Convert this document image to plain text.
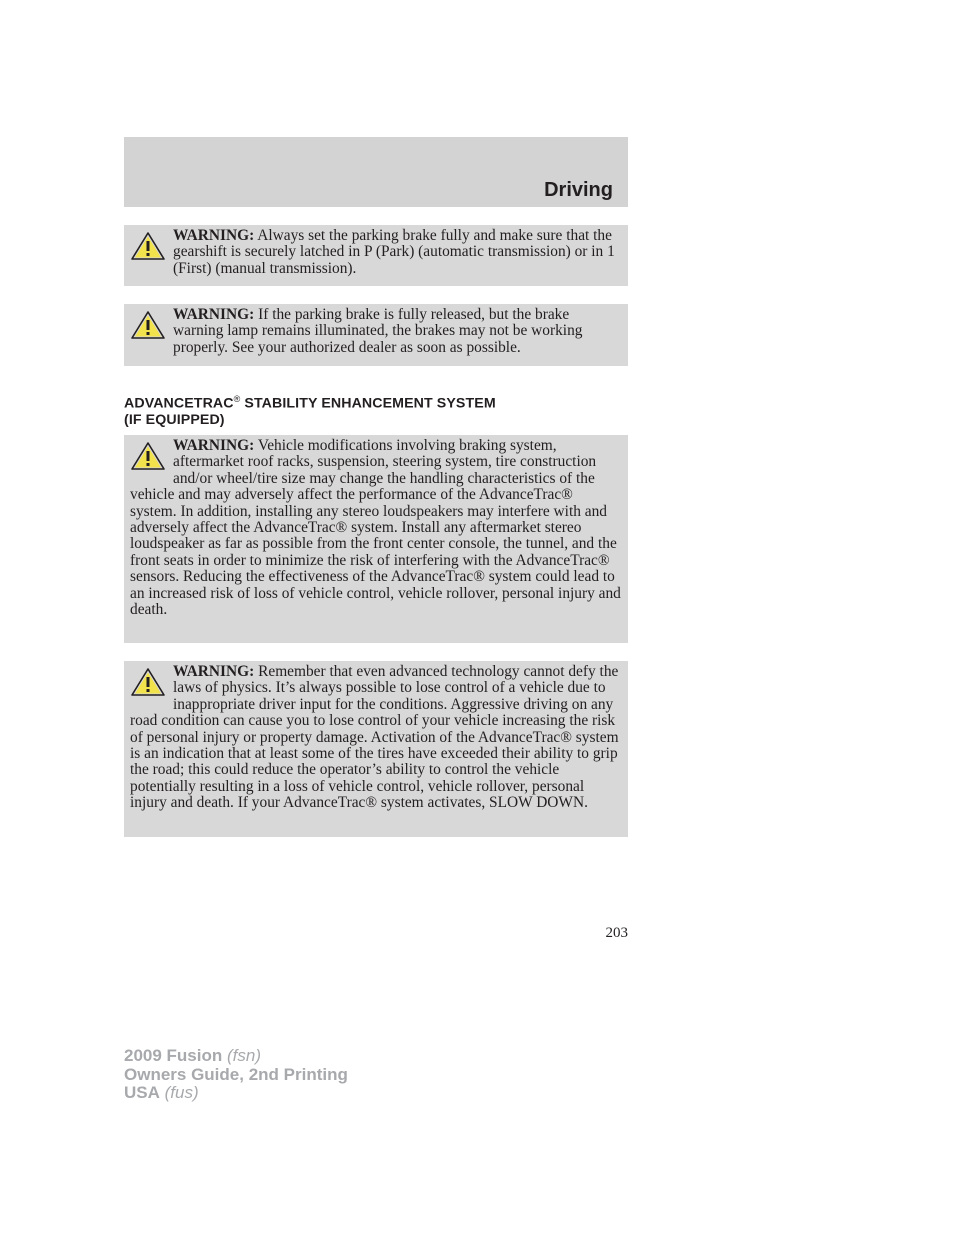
Driving
WARNING: Always set the parking brake fully and make sure that the gearshift is securely latched in P (Park) (automatic transmission) or in 1 (First) (manual transmission).
WARNING: If the parking brake is fully released, but the brake warning lamp remains illuminated, the brakes may not be working properly. See your authorized dealer as soon as possible.
ADVANCETRAC® STABILITY ENHANCEMENT SYSTEM
(IF EQUIPPED)
WARNING: Vehicle modifications involving braking system, aftermarket roof racks, suspension, steering system, tire construction and/or wheel/tire size may change the handling characteristics of the vehicle and may adversely affect the performance of the AdvanceTrac® system. In addition, installing any stereo loudspeakers may interfere with and adversely affect the AdvanceTrac® system. Install any aftermarket stereo loudspeaker as far as possible from the front center console, the tunnel, and the front seats in order to minimize the risk of interfering with the AdvanceTrac® sensors. Reducing the effectiveness of the AdvanceTrac® system could lead to an increased risk of loss of vehicle control, vehicle rollover, personal injury and death.
WARNING: Remember that even advanced technology cannot defy the laws of physics. It’s always possible to lose control of a vehicle due to inappropriate driver input for the conditions. Aggressive driving on any road condition can cause you to lose control of your vehicle increasing the risk of personal injury or property damage. Activation of the AdvanceTrac® system is an indication that at least some of the tires have exceeded their ability to grip the road; this could reduce the operator’s ability to control the vehicle potentially resulting in a loss of vehicle control, vehicle rollover, personal injury and death. If your AdvanceTrac® system activates, SLOW DOWN.
203
2009 Fusion (fsn)
Owners Guide, 2nd Printing
USA (fus)
